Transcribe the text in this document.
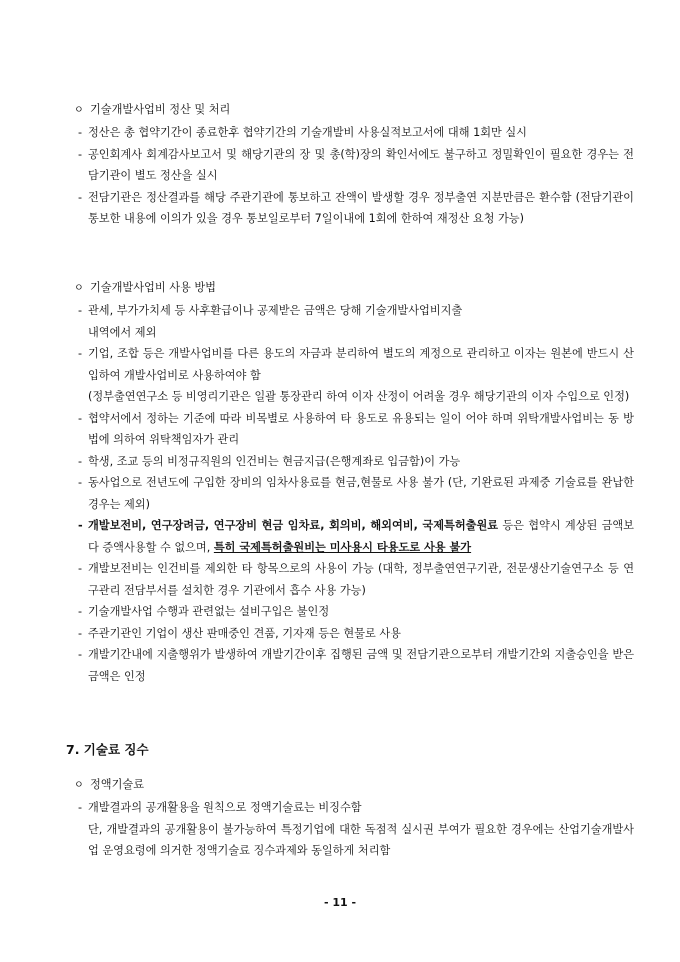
ㅇ 기술개발사업비 정산 및 처리
- 정산은 총 협약기간이 종료한후 협약기간의 기술개발비 사용실적보고서에 대해 1회만 실시
- 공인회계사 회계감사보고서 및 해당기관의 장 및 총(학)장의 확인서에도 불구하고 정밀확인이 필요한 경우는 전담기관이 별도 정산을 실시
- 전담기관은 정산결과를 해당 주관기관에 통보하고 잔액이 발생할 경우 정부출연 지분만큼은 환수함 (전담기관이 통보한 내용에 이의가 있을 경우 통보일로부터 7일이내에 1회에 한하여 재정산 요청 가능)
ㅇ 기술개발사업비 사용 방법
- 관세, 부가가치세 등 사후환급이나 공제받은 금액은 당해 기술개발사업비지출
내역에서 제외
- 기업, 조합 등은 개발사업비를 다른 용도의 자금과 분리하여 별도의 계정으로 관리하고 이자는 원본에 반드시 산입하여 개발사업비로 사용하여야 함
(정부출연연구소 등 비영리기관은 일괄 통장관리 하여 이자 산정이 어려울 경우 해당기관의 이자 수입으로 인정)
- 협약서에서 정하는 기준에 따라 비목별로 사용하여 타 용도로 유용되는 일이 어야 하며 위탁개발사업비는 동 방법에 의하여 위탁책임자가 관리
- 학생, 조교 등의 비정규직원의 인건비는 현금지급(은행계좌로 입금함)이 가능
- 동사업으로 전년도에 구입한 장비의 임차사용료를 현금,현물로 사용 불가 (단, 기완료된 과제중 기술료를 완납한 경우는 제외)
- 개발보전비, 연구장려금, 연구장비 현금 임차료, 회의비, 해외여비, 국제특허출원료 등은 협약시 계상된 금액보다 증액사용할 수 없으며, 특히 국제특허출원비는 미사용시 타용도로 사용 불가
- 개발보전비는 인건비를 제외한 타 항목으로의 사용이 가능 (대학, 정부출연연구기관, 전문생산기술연구소 등 연구관리 전담부서를 설치한 경우 기관에서 흡수 사용 가능)
- 기술개발사업 수행과 관련없는 설비구입은 불인정
- 주관기관인 기업이 생산 판매중인 견품, 기자재 등은 현물로 사용
- 개발기간내에 지출행위가 발생하여 개발기간이후 집행된 금액 및 전담기관으로부터 개발기간외 지출승인을 받은 금액은 인정
7. 기술료 징수
ㅇ 정액기술료
- 개발결과의 공개활용을 원칙으로 정액기술료는 비징수함
단, 개발결과의 공개활용이 불가능하여 특정기업에 대한 독점적 실시권 부여가 필요한 경우에는 산업기술개발사업 운영요령에 의거한 정액기술료 징수과제와 동일하게 처리함
- 11 -
